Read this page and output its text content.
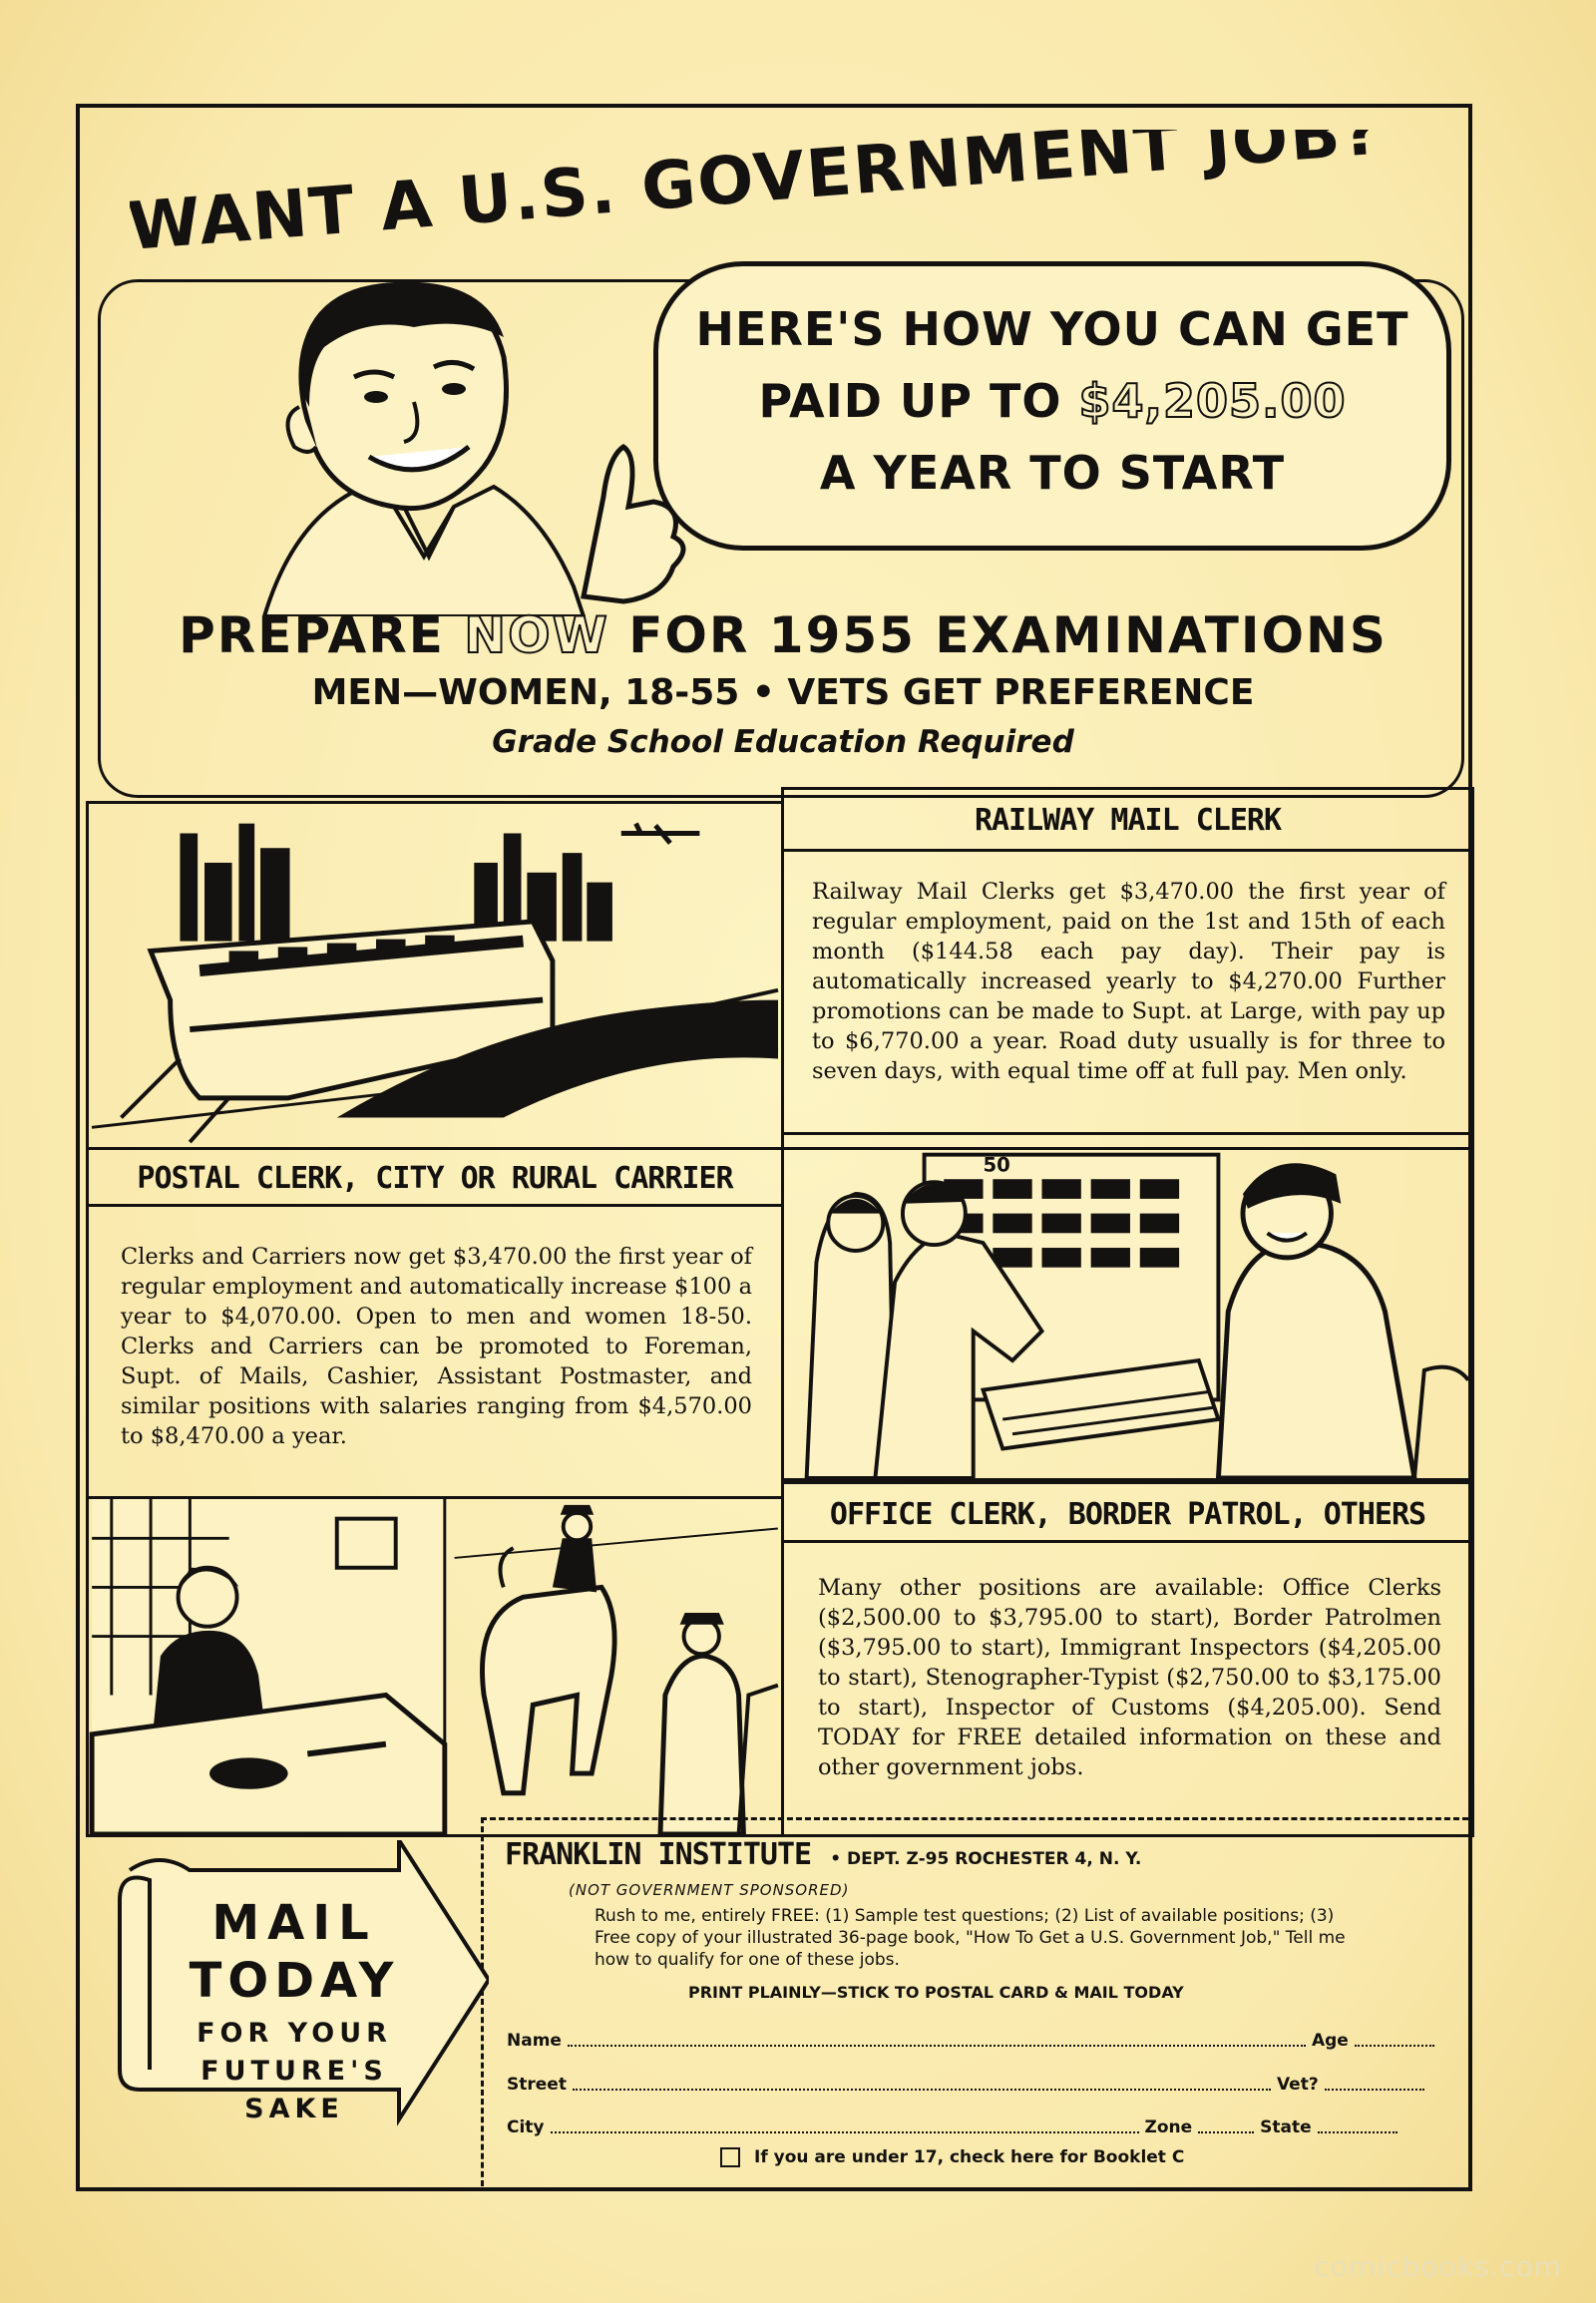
WANT A U.S. GOVERNMENT JOB?
HERE'S HOW YOU CAN GET
PAID UP TO $4,205.00
A YEAR TO START
PREPARE NOW FOR 1955 EXAMINATIONS
MEN—WOMEN, 18-55 • VETS GET PREFERENCE
Grade School Education Required
RAILWAY MAIL CLERK
Railway Mail Clerks get $3,470.00 the first year of regular employment, paid on the 1st and 15th of each month ($144.58 each pay day). Their pay is automatically increased yearly to $4,270.00 Further promotions can be made to Supt. at Large, with pay up to $6,770.00 a year. Road duty usually is for three to seven days, with equal time off at full pay. Men only.
POSTAL CLERK, CITY OR RURAL CARRIER
Clerks and Carriers now get $3,470.00 the first year of regular employment and automatically increase $100 a year to $4,070.00. Open to men and women 18-50. Clerks and Carriers can be promoted to Foreman, Supt. of Mails, Cashier, Assistant Postmaster, and similar positions with salaries ranging from $4,570.00 to $8,470.00 a year.
50
OFFICE CLERK, BORDER PATROL, OTHERS
Many other positions are available: Office Clerks ($2,500.00 to $3,795.00 to start), Border Patrolmen ($3,795.00 to start), Immigrant Inspectors ($4,205.00 to start), Stenographer-Typist ($2,750.00 to $3,175.00 to start), Inspector of Customs ($4,205.00). Send TODAY for FREE detailed information on these and other government jobs.
MAIL
TODAY
FOR YOUR
FUTURE'S
SAKE
FRANKLIN INSTITUTE • DEPT. Z-95 ROCHESTER 4, N. Y.
(NOT GOVERNMENT SPONSORED)
Rush to me, entirely FREE: (1) Sample test questions; (2) List of available positions; (3) Free copy of your illustrated 36-page book, "How To Get a U.S. Government Job," Tell me how to qualify for one of these jobs.
PRINT PLAINLY—STICK TO POSTAL CARD & MAIL TODAY
Name	Age
Street	Vet?
City	Zone	State
If you are under 17, check here for Booklet C
comicbooks.com
